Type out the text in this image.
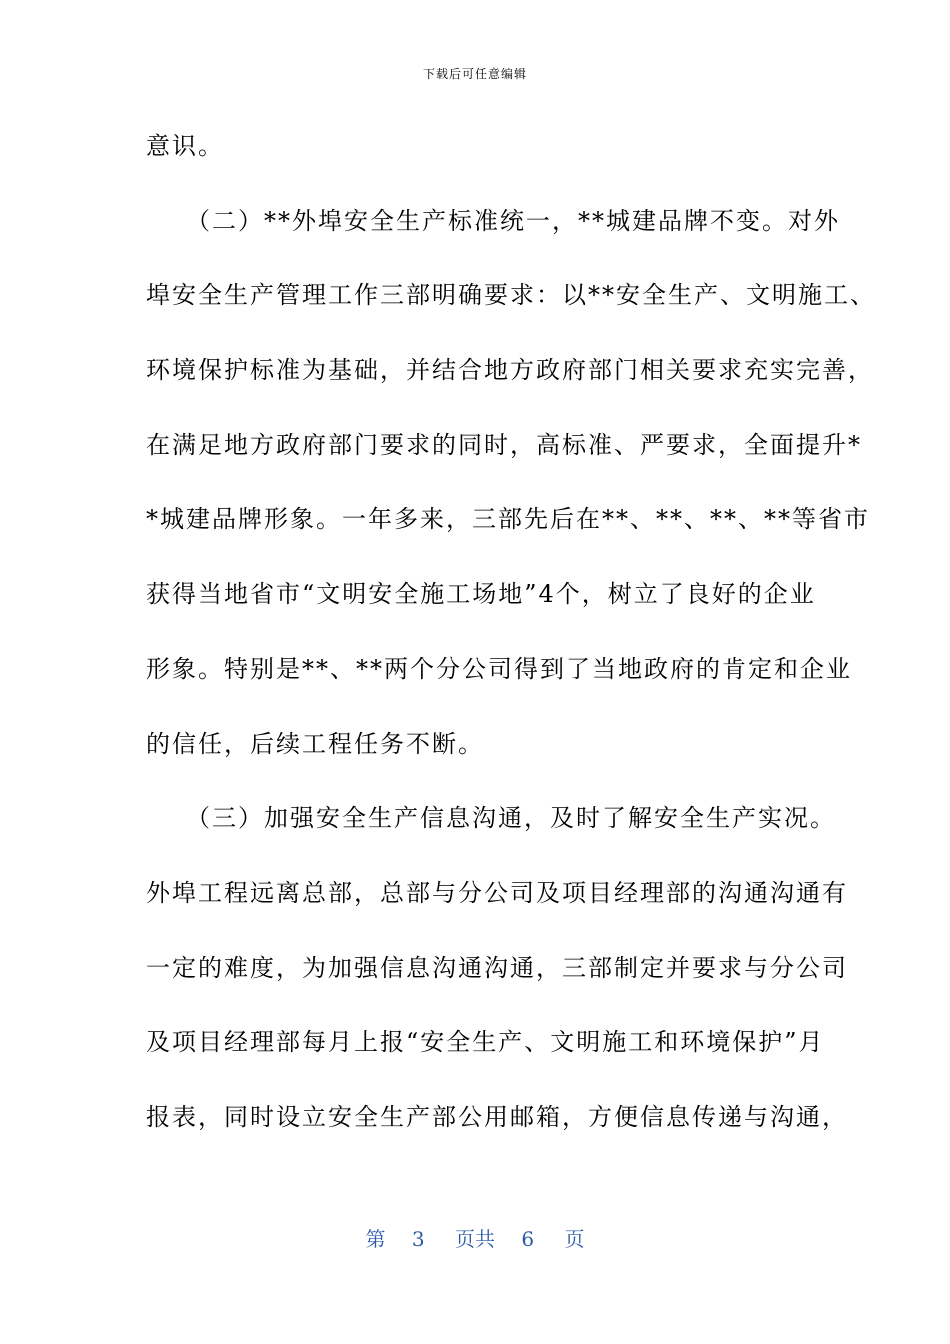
下载后可任意编辑
意识。
　　（二）**外埠安全生产标准统一，**城建品牌不变。对外
埠安全生产管理工作三部明确要求：以**安全生产、文明施工、
环境保护标准为基础，并结合地方政府部门相关要求充实完善，
在满足地方政府部门要求的同时，高标准、严要求，全面提升*
*城建品牌形象。一年多来，三部先后在**、**、**、**等省市
获得当地省市“文明安全施工场地”4个，树立了良好的企业
形象。特别是**、**两个分公司得到了当地政府的肯定和企业
的信任，后续工程任务不断。
　　（三）加强安全生产信息沟通，及时了解安全生产实况。
外埠工程远离总部，总部与分公司及项目经理部的沟通沟通有
一定的难度，为加强信息沟通沟通，三部制定并要求与分公司
及项目经理部每月上报“安全生产、文明施工和环境保护”月
报表，同时设立安全生产部公用邮箱，方便信息传递与沟通，
第 3 页共 6 页
